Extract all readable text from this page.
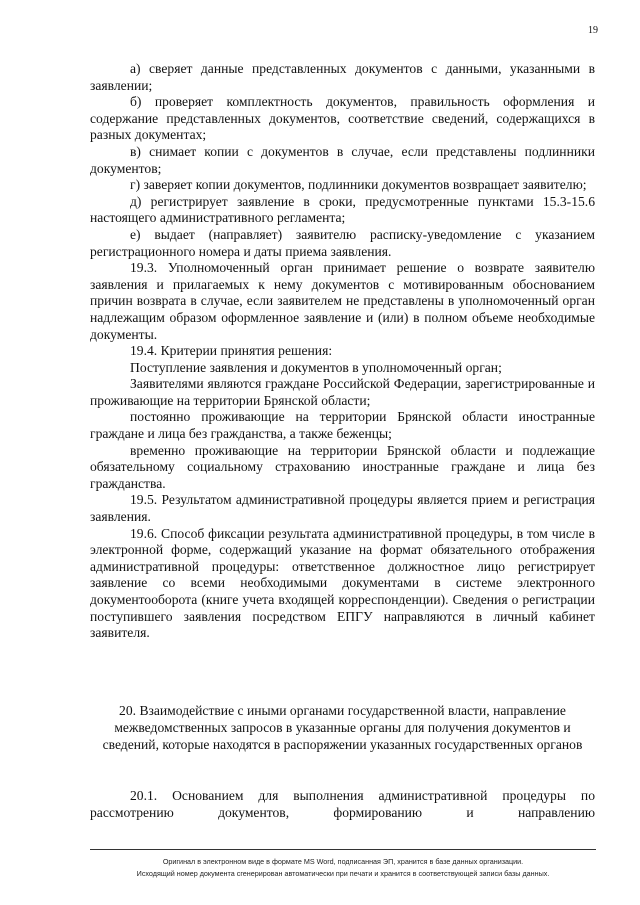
19

а) сверяет данные представленных документов с данными, указанными в заявлении;

б) проверяет комплектность документов, правильность оформления и содержание представленных документов, соответствие сведений, содержащихся в разных документах;

в) снимает копии с документов в случае, если представлены подлинники документов;

г) заверяет копии документов, подлинники документов возвращает заявителю;

д) регистрирует заявление в сроки, предусмотренные пунктами 15.3-15.6 настоящего административного регламента;

е) выдает (направляет) заявителю расписку-уведомление с указанием регистрационного номера и даты приема заявления.

19.3. Уполномоченный орган принимает решение о возврате заявителю заявления и прилагаемых к нему документов с мотивированным обоснованием причин возврата в случае, если заявителем не представлены в уполномоченный орган надлежащим образом оформленное заявление и (или) в полном объеме необходимые документы.

19.4. Критерии принятия решения:

Поступление заявления и документов в уполномоченный орган;

Заявителями являются граждане Российской Федерации, зарегистрированные и проживающие на территории Брянской области;

постоянно проживающие на территории Брянской области иностранные граждане и лица без гражданства, а также беженцы;

временно проживающие на территории Брянской области и подлежащие обязательному социальному страхованию иностранные граждане и лица без гражданства.

19.5. Результатом административной процедуры является прием и регистрация заявления.

19.6. Способ фиксации результата административной процедуры, в том числе в электронной форме, содержащий указание на формат обязательного отображения административной процедуры: ответственное должностное лицо регистрирует заявление со всеми необходимыми документами в системе электронного документооборота (книге учета входящей корреспонденции). Сведения о регистрации поступившего заявления посредством ЕПГУ направляются в личный кабинет заявителя.

20. Взаимодействие с иными органами государственной власти, направление межведомственных запросов в указанные органы для получения документов и сведений, которые находятся в распоряжении указанных государственных органов

20.1. Основанием для выполнения административной процедуры по рассмотрению документов, формированию и направлению

Оригинал в электронном виде в формате MS Word, подписанная ЭП, хранится в базе данных организации.
Исходящий номер документа сгенерирован автоматически при печати и хранится в соответствующей записи базы данных.
